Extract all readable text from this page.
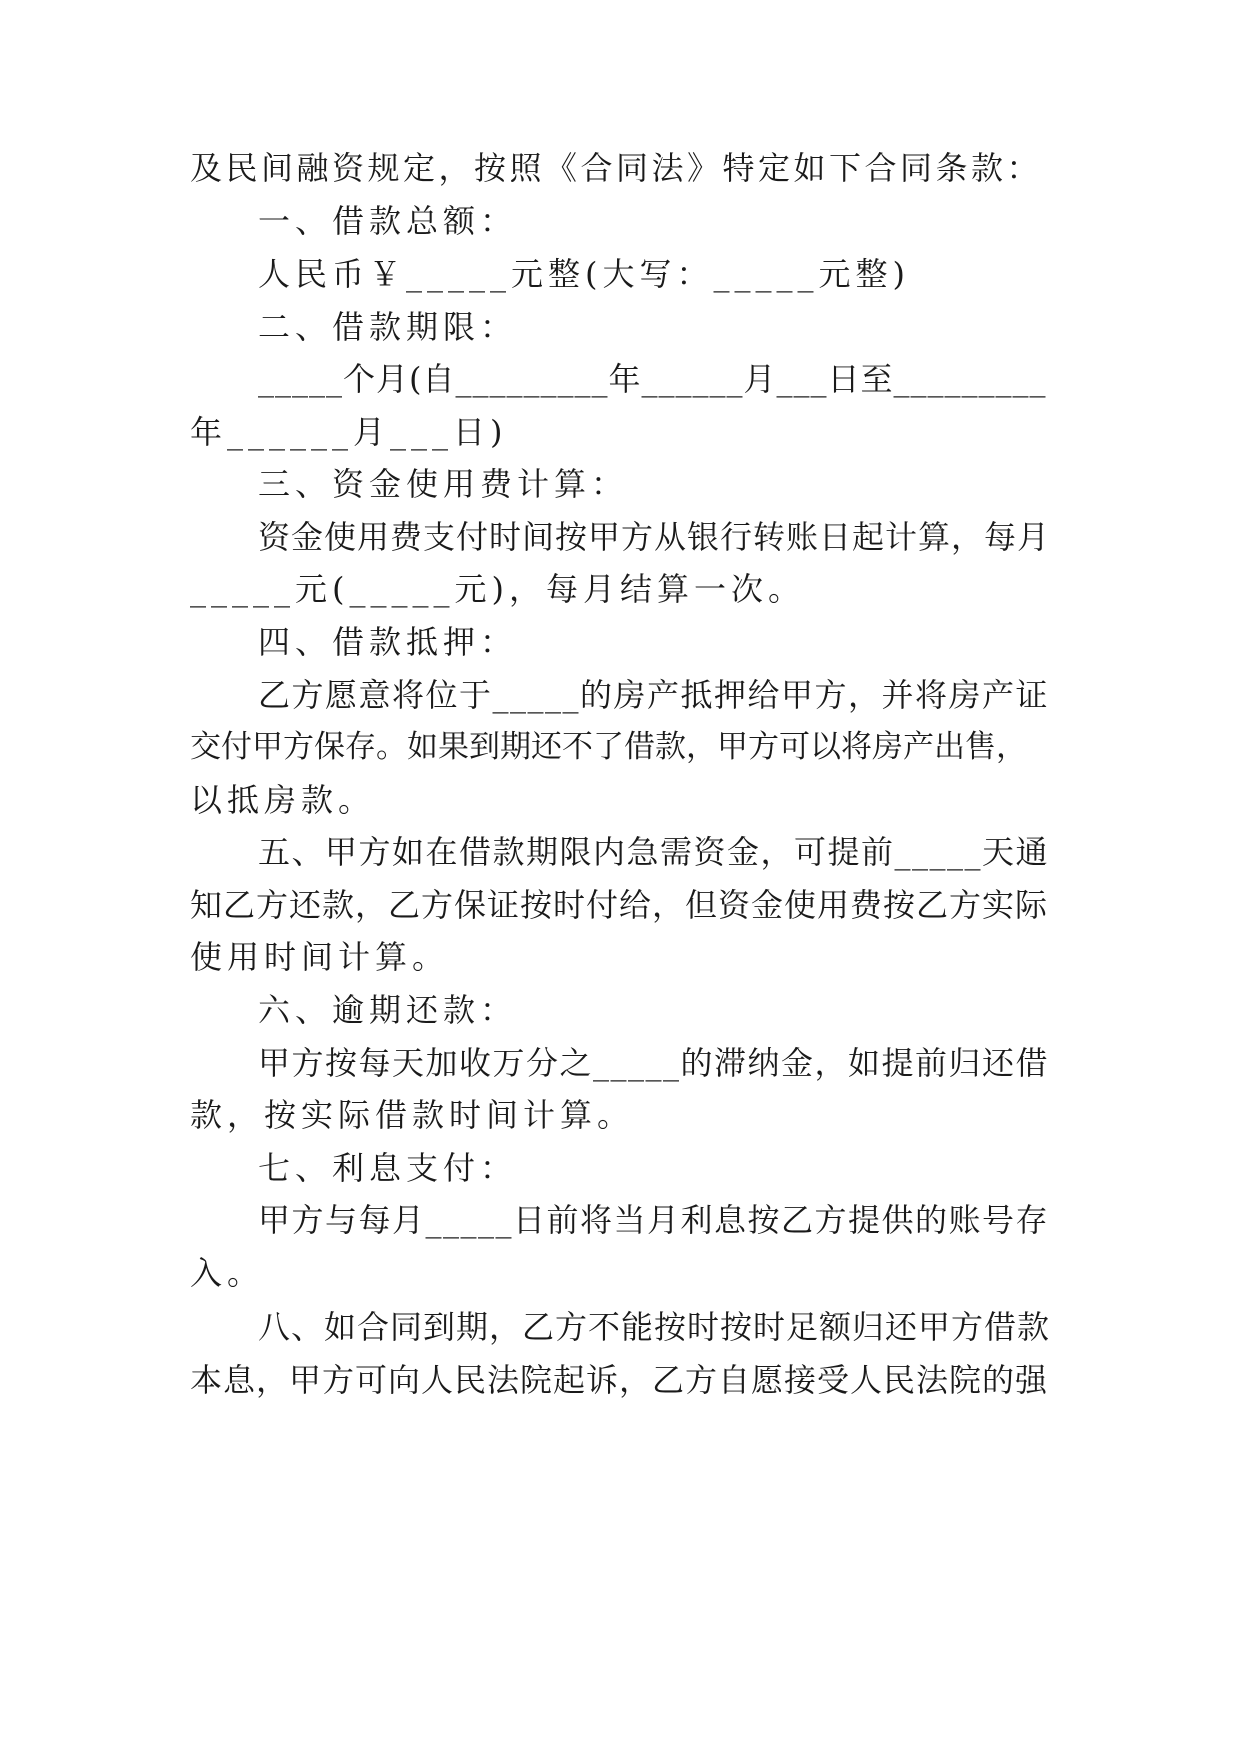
及民间融资规定，按照《合同法》特定如下合同条款：
一、借款总额：
人民币￥_____元整(大写：_____元整)
二、借款期限：
_____个月(自_________年______月___日至_________
年______月___日)
三、资金使用费计算：
资金使用费支付时间按甲方从银行转账日起计算，每月
_____元(_____元)，每月结算一次。
四、借款抵押：
乙方愿意将位于_____的房产抵押给甲方，并将房产证
交付甲方保存。如果到期还不了借款，甲方可以将房产出售，
以抵房款。
五、甲方如在借款期限内急需资金，可提前_____天通
知乙方还款，乙方保证按时付给，但资金使用费按乙方实际
使用时间计算。
六、逾期还款：
甲方按每天加收万分之_____的滞纳金，如提前归还借
款，按实际借款时间计算。
七、利息支付：
甲方与每月_____日前将当月利息按乙方提供的账号存
入。
八、如合同到期，乙方不能按时按时足额归还甲方借款
本息，甲方可向人民法院起诉，乙方自愿接受人民法院的强
